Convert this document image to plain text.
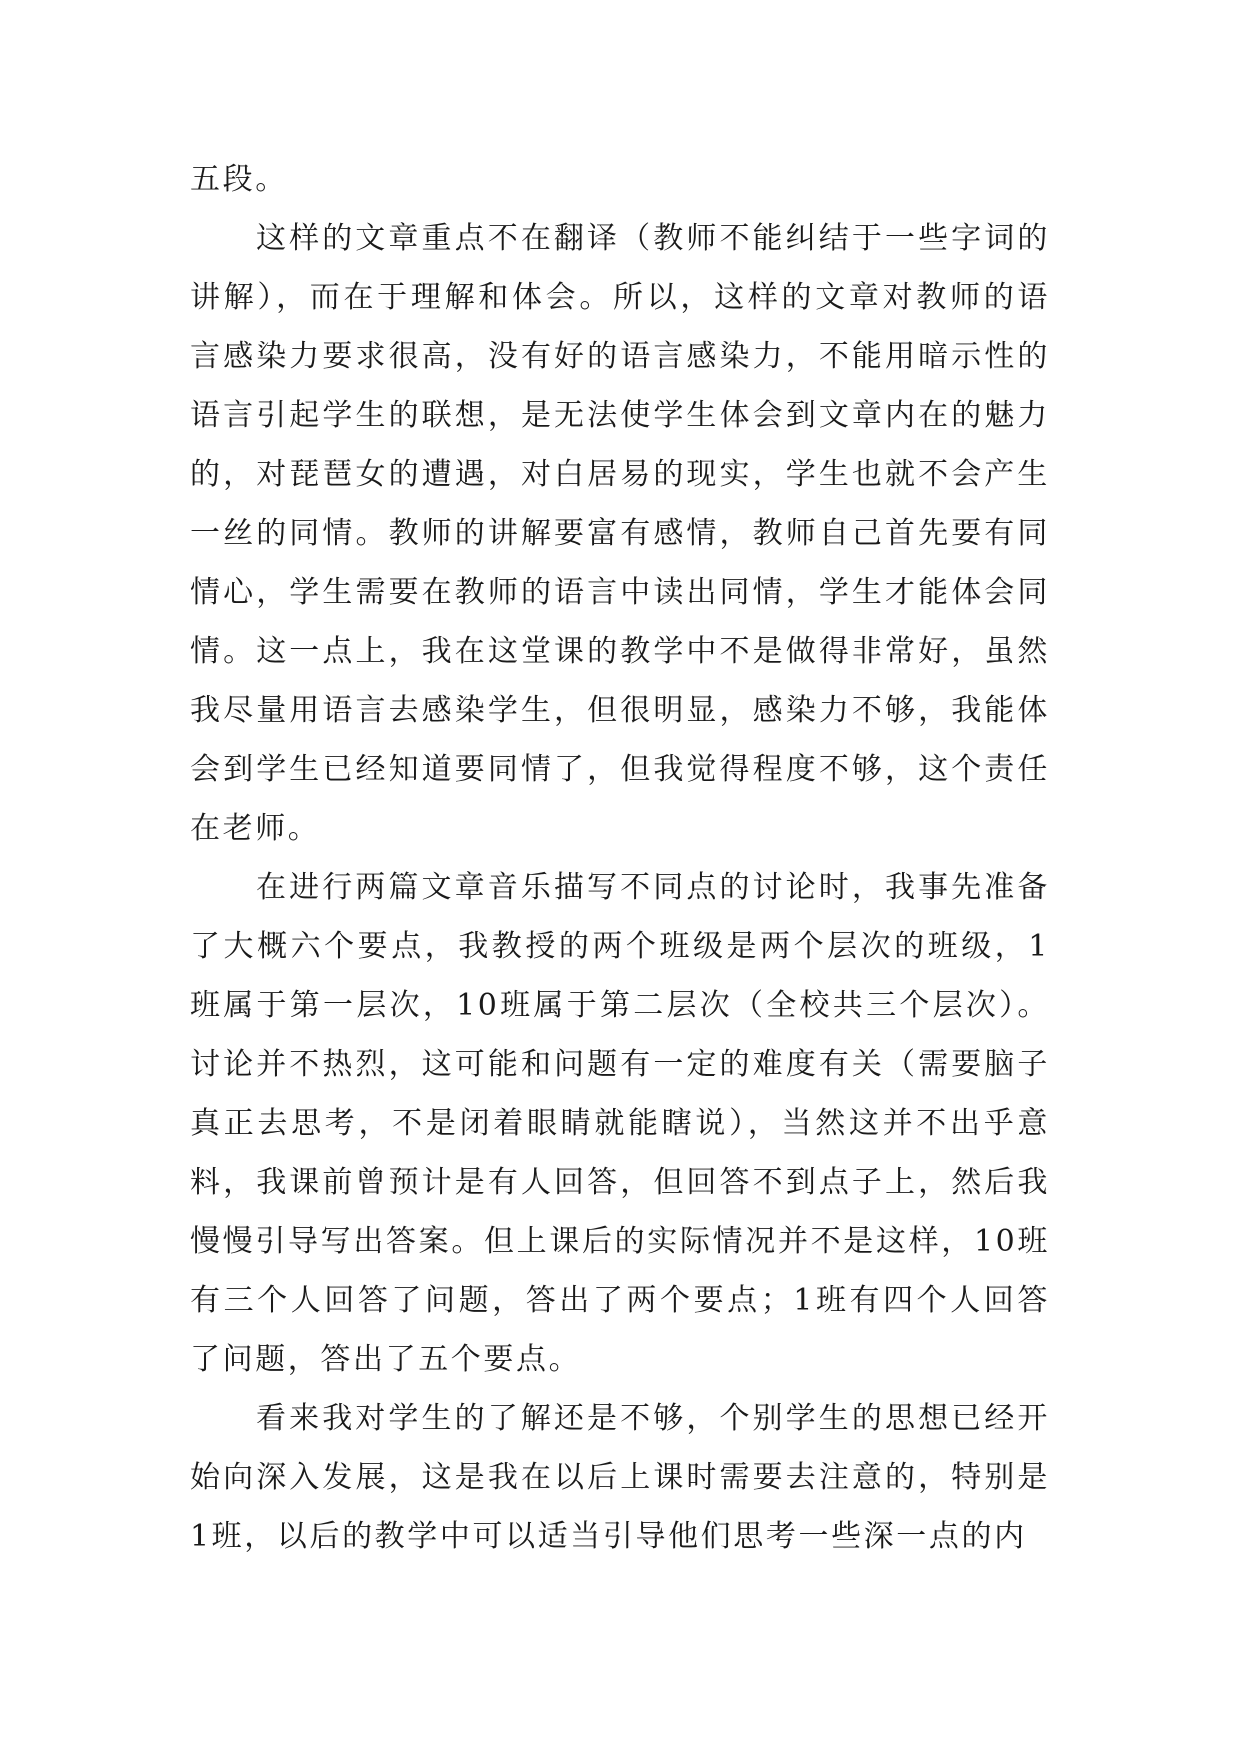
五段。

这样的文章重点不在翻译（教师不能纠结于一些字词的讲解），而在于理解和体会。所以，这样的文章对教师的语言感染力要求很高，没有好的语言感染力，不能用暗示性的语言引起学生的联想，是无法使学生体会到文章内在的魅力的，对琵琶女的遭遇，对白居易的现实，学生也就不会产生一丝的同情。教师的讲解要富有感情，教师自己首先要有同情心，学生需要在教师的语言中读出同情，学生才能体会同情。这一点上，我在这堂课的教学中不是做得非常好，虽然我尽量用语言去感染学生，但很明显，感染力不够，我能体会到学生已经知道要同情了，但我觉得程度不够，这个责任在老师。

在进行两篇文章音乐描写不同点的讨论时，我事先准备了大概六个要点，我教授的两个班级是两个层次的班级，1班属于第一层次，10班属于第二层次（全校共三个层次）。讨论并不热烈，这可能和问题有一定的难度有关（需要脑子真正去思考，不是闭着眼睛就能瞎说），当然这并不出乎意料，我课前曾预计是有人回答，但回答不到点子上，然后我慢慢引导写出答案。但上课后的实际情况并不是这样，10班有三个人回答了问题，答出了两个要点；1班有四个人回答了问题，答出了五个要点。

看来我对学生的了解还是不够，个别学生的思想已经开始向深入发展，这是我在以后上课时需要去注意的，特别是1班，以后的教学中可以适当引导他们思考一些深一点的内
